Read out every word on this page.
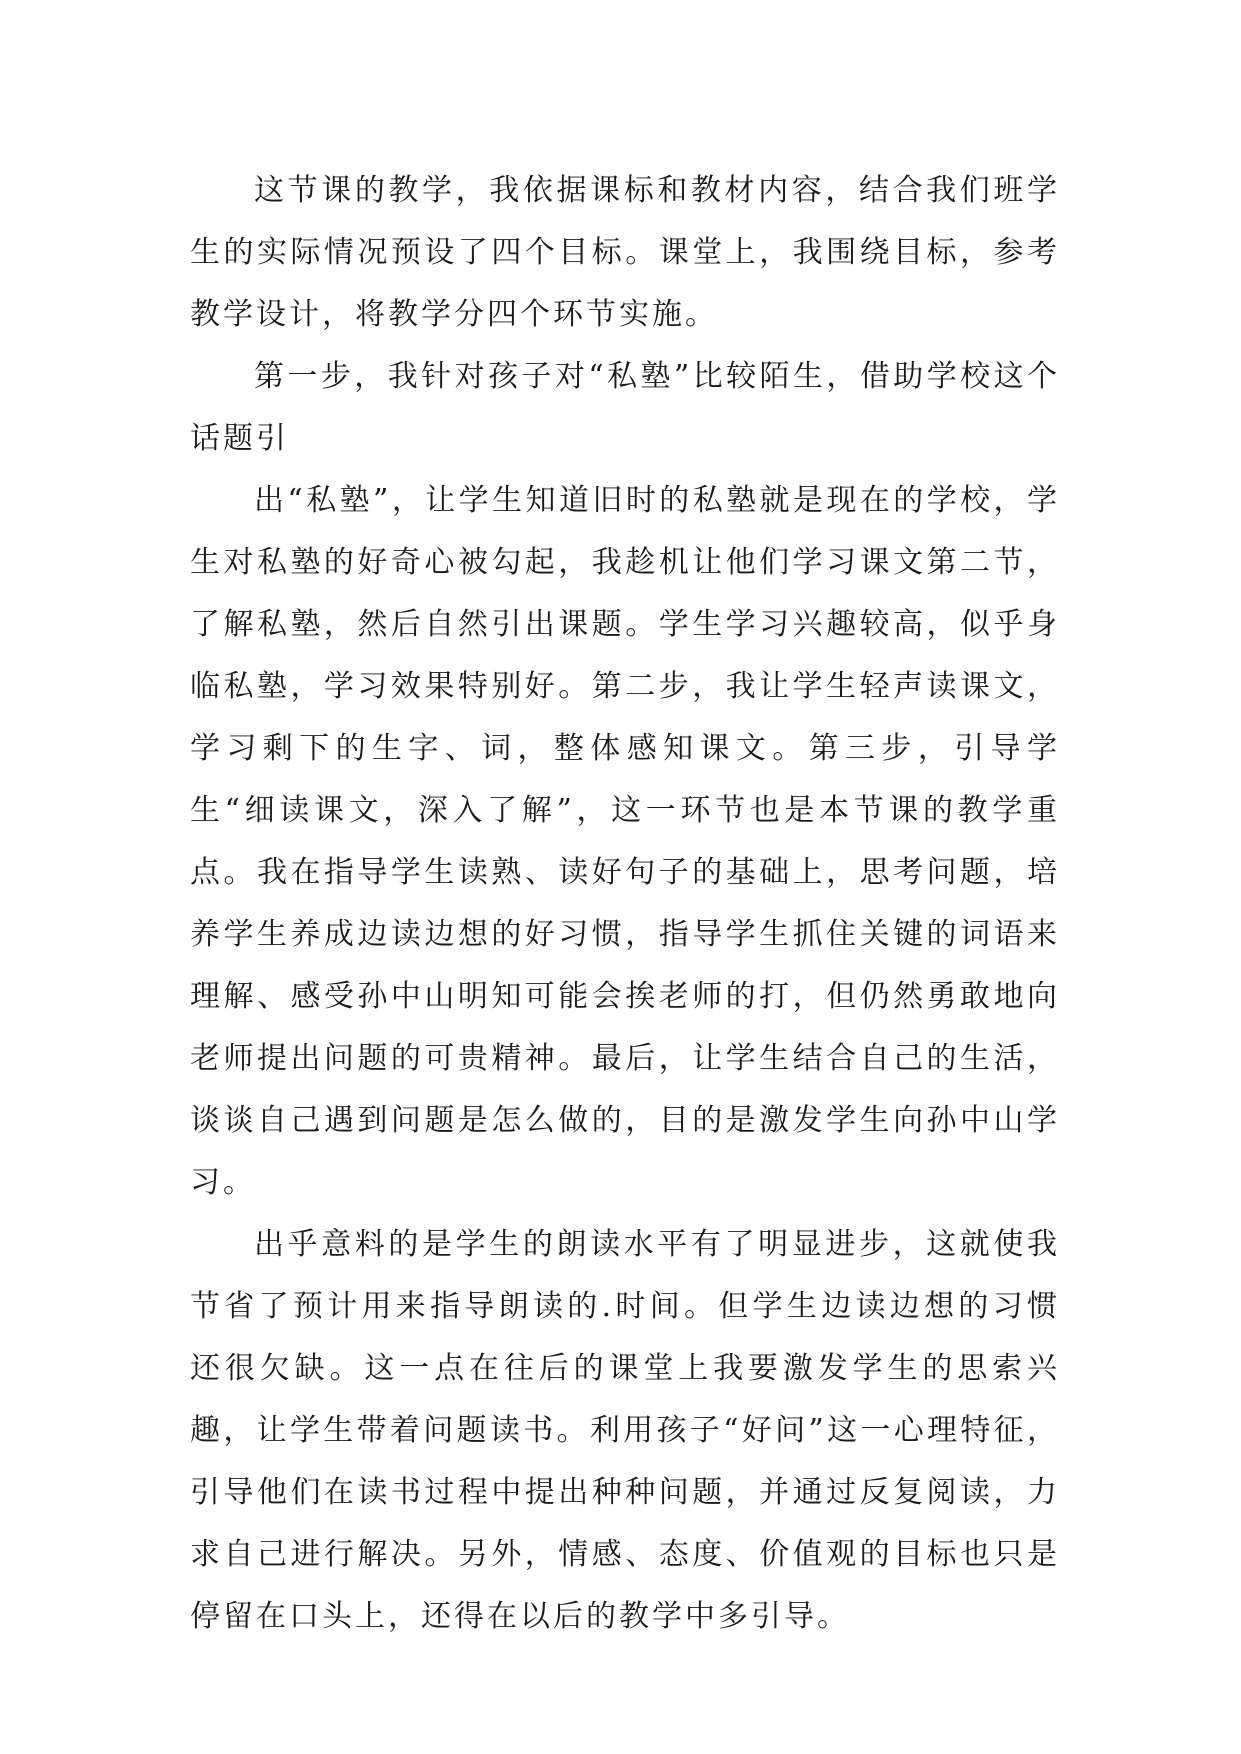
这节课的教学，我依据课标和教材内容，结合我们班学生的实际情况预设了四个目标。课堂上，我围绕目标，参考教学设计，将教学分四个环节实施。

第一步，我针对孩子对“私塾”比较陌生，借助学校这个话题引

出“私塾”，让学生知道旧时的私塾就是现在的学校，学生对私塾的好奇心被勾起，我趁机让他们学习课文第二节，了解私塾，然后自然引出课题。学生学习兴趣较高，似乎身临私塾，学习效果特别好。第二步，我让学生轻声读课文，学习剩下的生字、词，整体感知课文。第三步，引导学生“细读课文，深入了解”，这一环节也是本节课的教学重点。我在指导学生读熟、读好句子的基础上，思考问题，培养学生养成边读边想的好习惯，指导学生抓住关键的词语来理解、感受孙中山明知可能会挨老师的打，但仍然勇敢地向老师提出问题的可贵精神。最后，让学生结合自己的生活，谈谈自己遇到问题是怎么做的，目的是激发学生向孙中山学习。

出乎意料的是学生的朗读水平有了明显进步，这就使我节省了预计用来指导朗读的.时间。但学生边读边想的习惯还很欠缺。这一点在往后的课堂上我要激发学生的思索兴趣，让学生带着问题读书。利用孩子“好问”这一心理特征，引导他们在读书过程中提出种种问题，并通过反复阅读，力求自己进行解决。另外，情感、态度、价值观的目标也只是停留在口头上，还得在以后的教学中多引导。
